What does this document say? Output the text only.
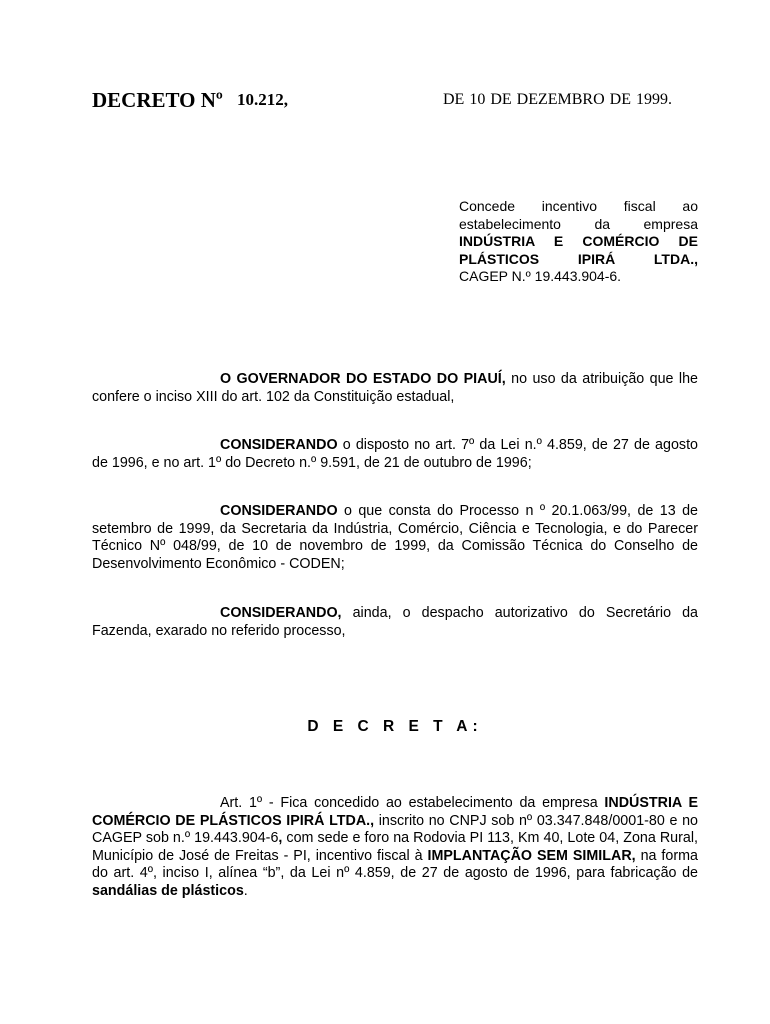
DECRETO Nº 10.212,	DE 10 DE DEZEMBRO DE 1999.
Concede incentivo fiscal ao
estabelecimento da empresa
INDÚSTRIA E COMÉRCIO DE
PLÁSTICOS IPIRÁ LTDA.,
CAGEP N.º 19.443.904-6.

O GOVERNADOR DO ESTADO DO PIAUÍ, no uso da atribuição que lhe confere o inciso XIII do art. 102 da Constituição estadual,

CONSIDERANDO o disposto no art. 7º da Lei n.º 4.859, de 27 de agosto de 1996, e no art. 1º do Decreto n.º 9.591, de 21 de outubro de 1996;

CONSIDERANDO o que consta do Processo n º 20.1.063/99, de 13 de setembro de 1999, da Secretaria da Indústria, Comércio, Ciência e Tecnologia, e do Parecer Técnico Nº 048/99, de 10 de novembro de 1999, da Comissão Técnica do Conselho de Desenvolvimento Econômico - CODEN;

CONSIDERANDO, ainda, o despacho autorizativo do Secretário da Fazenda, exarado no referido processo,

D E C R E T A:

Art. 1º - Fica concedido ao estabelecimento da empresa INDÚSTRIA E COMÉRCIO DE PLÁSTICOS IPIRÁ LTDA., inscrito no CNPJ sob nº 03.347.848/0001-80 e no CAGEP sob n.º 19.443.904-6, com sede e foro na Rodovia PI 113, Km 40, Lote 04, Zona Rural, Município de José de Freitas - PI, incentivo fiscal à IMPLANTAÇÃO SEM SIMILAR, na forma do art. 4º, inciso I, alínea “b”, da Lei nº 4.859, de 27 de agosto de 1996, para fabricação de sandálias de plásticos.
